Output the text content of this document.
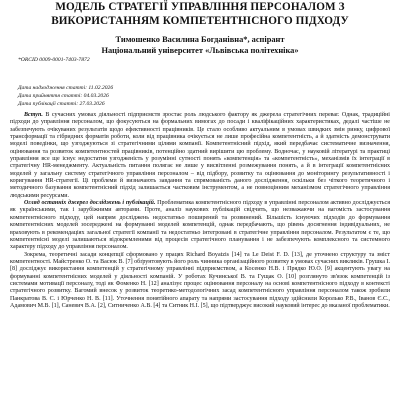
МОДЕЛЬ СТРАТЕГІЇ УПРАВЛІННЯ ПЕРСОНАЛОМ З ВИКОРИСТАННЯМ КОМПЕТЕНТНІСНОГО ПІДХОДУ
Тимошенко Василина Богданівна*, аспірант
Національний університет «Львівська політехніка»
*ORCID 0009-0001-7403-7872
Дата надходження статті: 11.02.2026
Дата прийняття статті: 04.03.2026
Дата публікації статті: 27.03.2026

Вступ. В сучасних умовах діяльності підприємств зростає роль людського фактору як джерела стратегічних переваг. Однак, традиційні підходи до управління персоналом, що фокусуються на формальних вимогах до посади і кваліфікаційних характеристиках, дедалі частіше не забезпечують очікуваних результатів щодо ефективності працівників. Це стало особливо актуальним в умовах швидких змін ринку, цифрової трансформації та гібридних форматів роботи, коли від працівника очікується не лише професійна компетентність, а й здатність демонструвати моделі поведінки, що узгоджуються зі стратегічними цілями компанії. Компетентнісний підхід, який передбачає систематичне визначення, оцінювання та розвиток компетентностей працівників, потенційно здатний вирішити цю проблему. Водночас, у науковій літературі та практиці управління все ще існує недостатня узгодженість у розумінні сутності понять «компетенція» та «компетентність», механізмів їх інтеграції в стратегічну HR-менеджменту. Актуальність питання полягає не лише у висвітленні розмежування понять, а й в інтеграції компетентнісних моделей у загальну систему стратегічного управління персоналом – від підбору, розвитку та оцінювання до моніторингу результативності і коригування HR-стратегії. Ці проблеми й визначають завдання та спрямованість даного дослідження, оскільки без чіткого теоретичного і методичного базування компетентнісний підхід залишається частковим інструментом, а не повноцінним механізмом стратегічного управління людськими ресурсами.

Огляд останніх джерел досліджень і публікацій. Проблематика компетентнісного підходу в управлінні персоналом активно досліджується як українськими, так і зарубіжними авторами. Проте, аналіз наукових публікацій свідчить, що незважаючи на вагомість застосування компетентнісного підходу, цей напрям досліджень недостатньо поширений та розвинений. Більшість існуючих підходів до формування компетентнісних моделей зосереджені на формуванні моделей компетенцій, однак передбачають, що рівень досягнення індивідуальних, не враховують в рекомендаціях загальної стратегії компанії та недостатньо інтегровані в стратегічне управління персоналом. Результатом є те, що компетентнісні моделі залишаються відокремленими від процесів стратегічного планування і не забезпечують комплексного та системного характеру підходу до управління персоналом.

Зокрема, теоретичні засади концепції сформовано у працях Richard Boyatzis [14] та Le Deist F. D. [13], де уточнено структуру та зміст компетентності. Майстренко О. та Васюк В. [7] обґрунтовують його роль чинника організаційного розвитку в умовах сучасних викликів. Грушка І. [8] досліджує використання компетенцій у стратегічному управлінні підприємством, а Косенко Н.В. і Прядко Ю.О. [9] акцентують увагу на формуванні компетентнісних моделей у діяльності компаній. У роботах Кучинської В. та Гущак О. [10] розглянуто зв'язок компетенцій із системами мотивації персоналу, тоді як Фоменко Н. [12] аналізує процес оцінювання персоналу на основі компетентнісного підходу в контексті стратегічного розвитку. Вагомий внесок у розвиток теоретико-методологічних засад компетентнісного управління персоналом також зробили Панкратова В. С. і Юрченко Н. В. [11]. Уточнення понятійного апарату та напрями застосування підходу здійснили Королько Р.В., Іванов Є.С., Адамович М.В. [1], Саневич В.А. [2], Ситниченко А.В. [4] та Ситник Н.І. [5], що підтверджує високий науковий інтерес до вказаної проблематики.
